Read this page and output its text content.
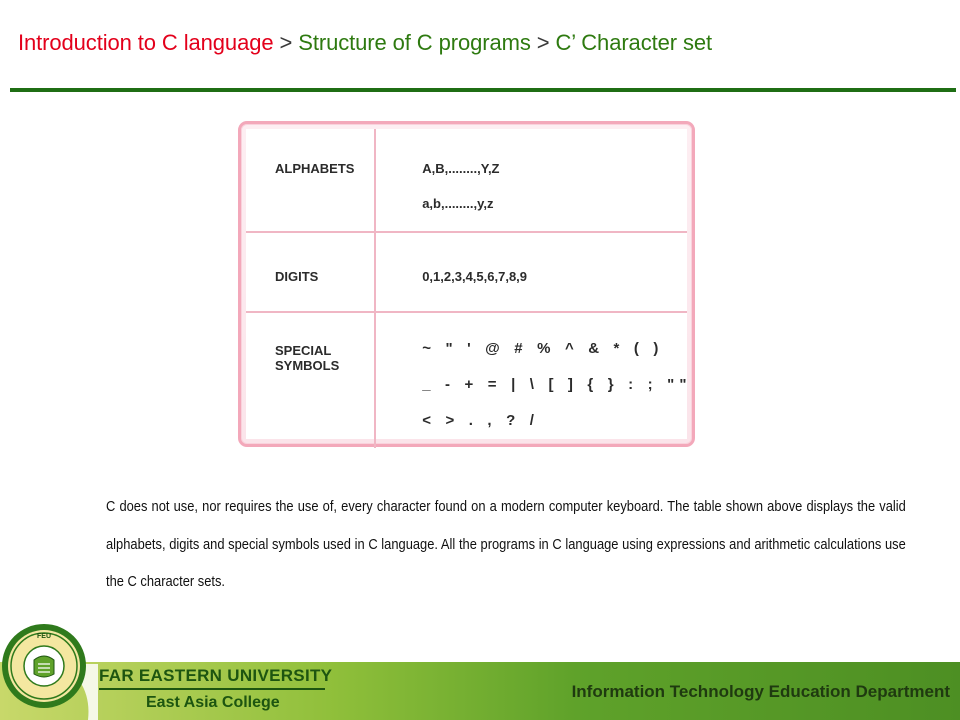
Introduction to C language > Structure of C programs > C’ Character set
ALPHABETS	A,B,........,Y,Z
a,b,........,y,z

DIGITS	0,1,2,3,4,5,6,7,8,9

SPECIAL SYMBOLS	~   "   '   @   #   %   ^   &   *   (   )
_   -   +   =   |   \   [   ]   {   }   :   ;   " "
<   >   .   ,   ?   /
C does not use, nor requires the use of, every character found on a modern computer keyboard. The table shown above displays the valid alphabets, digits and special symbols used in C language. All the programs in C language using expressions and arithmetic calculations use the C character sets.
FEU
FAR EASTERN UNIVERSITY
East Asia College
Information Technology Education Department
